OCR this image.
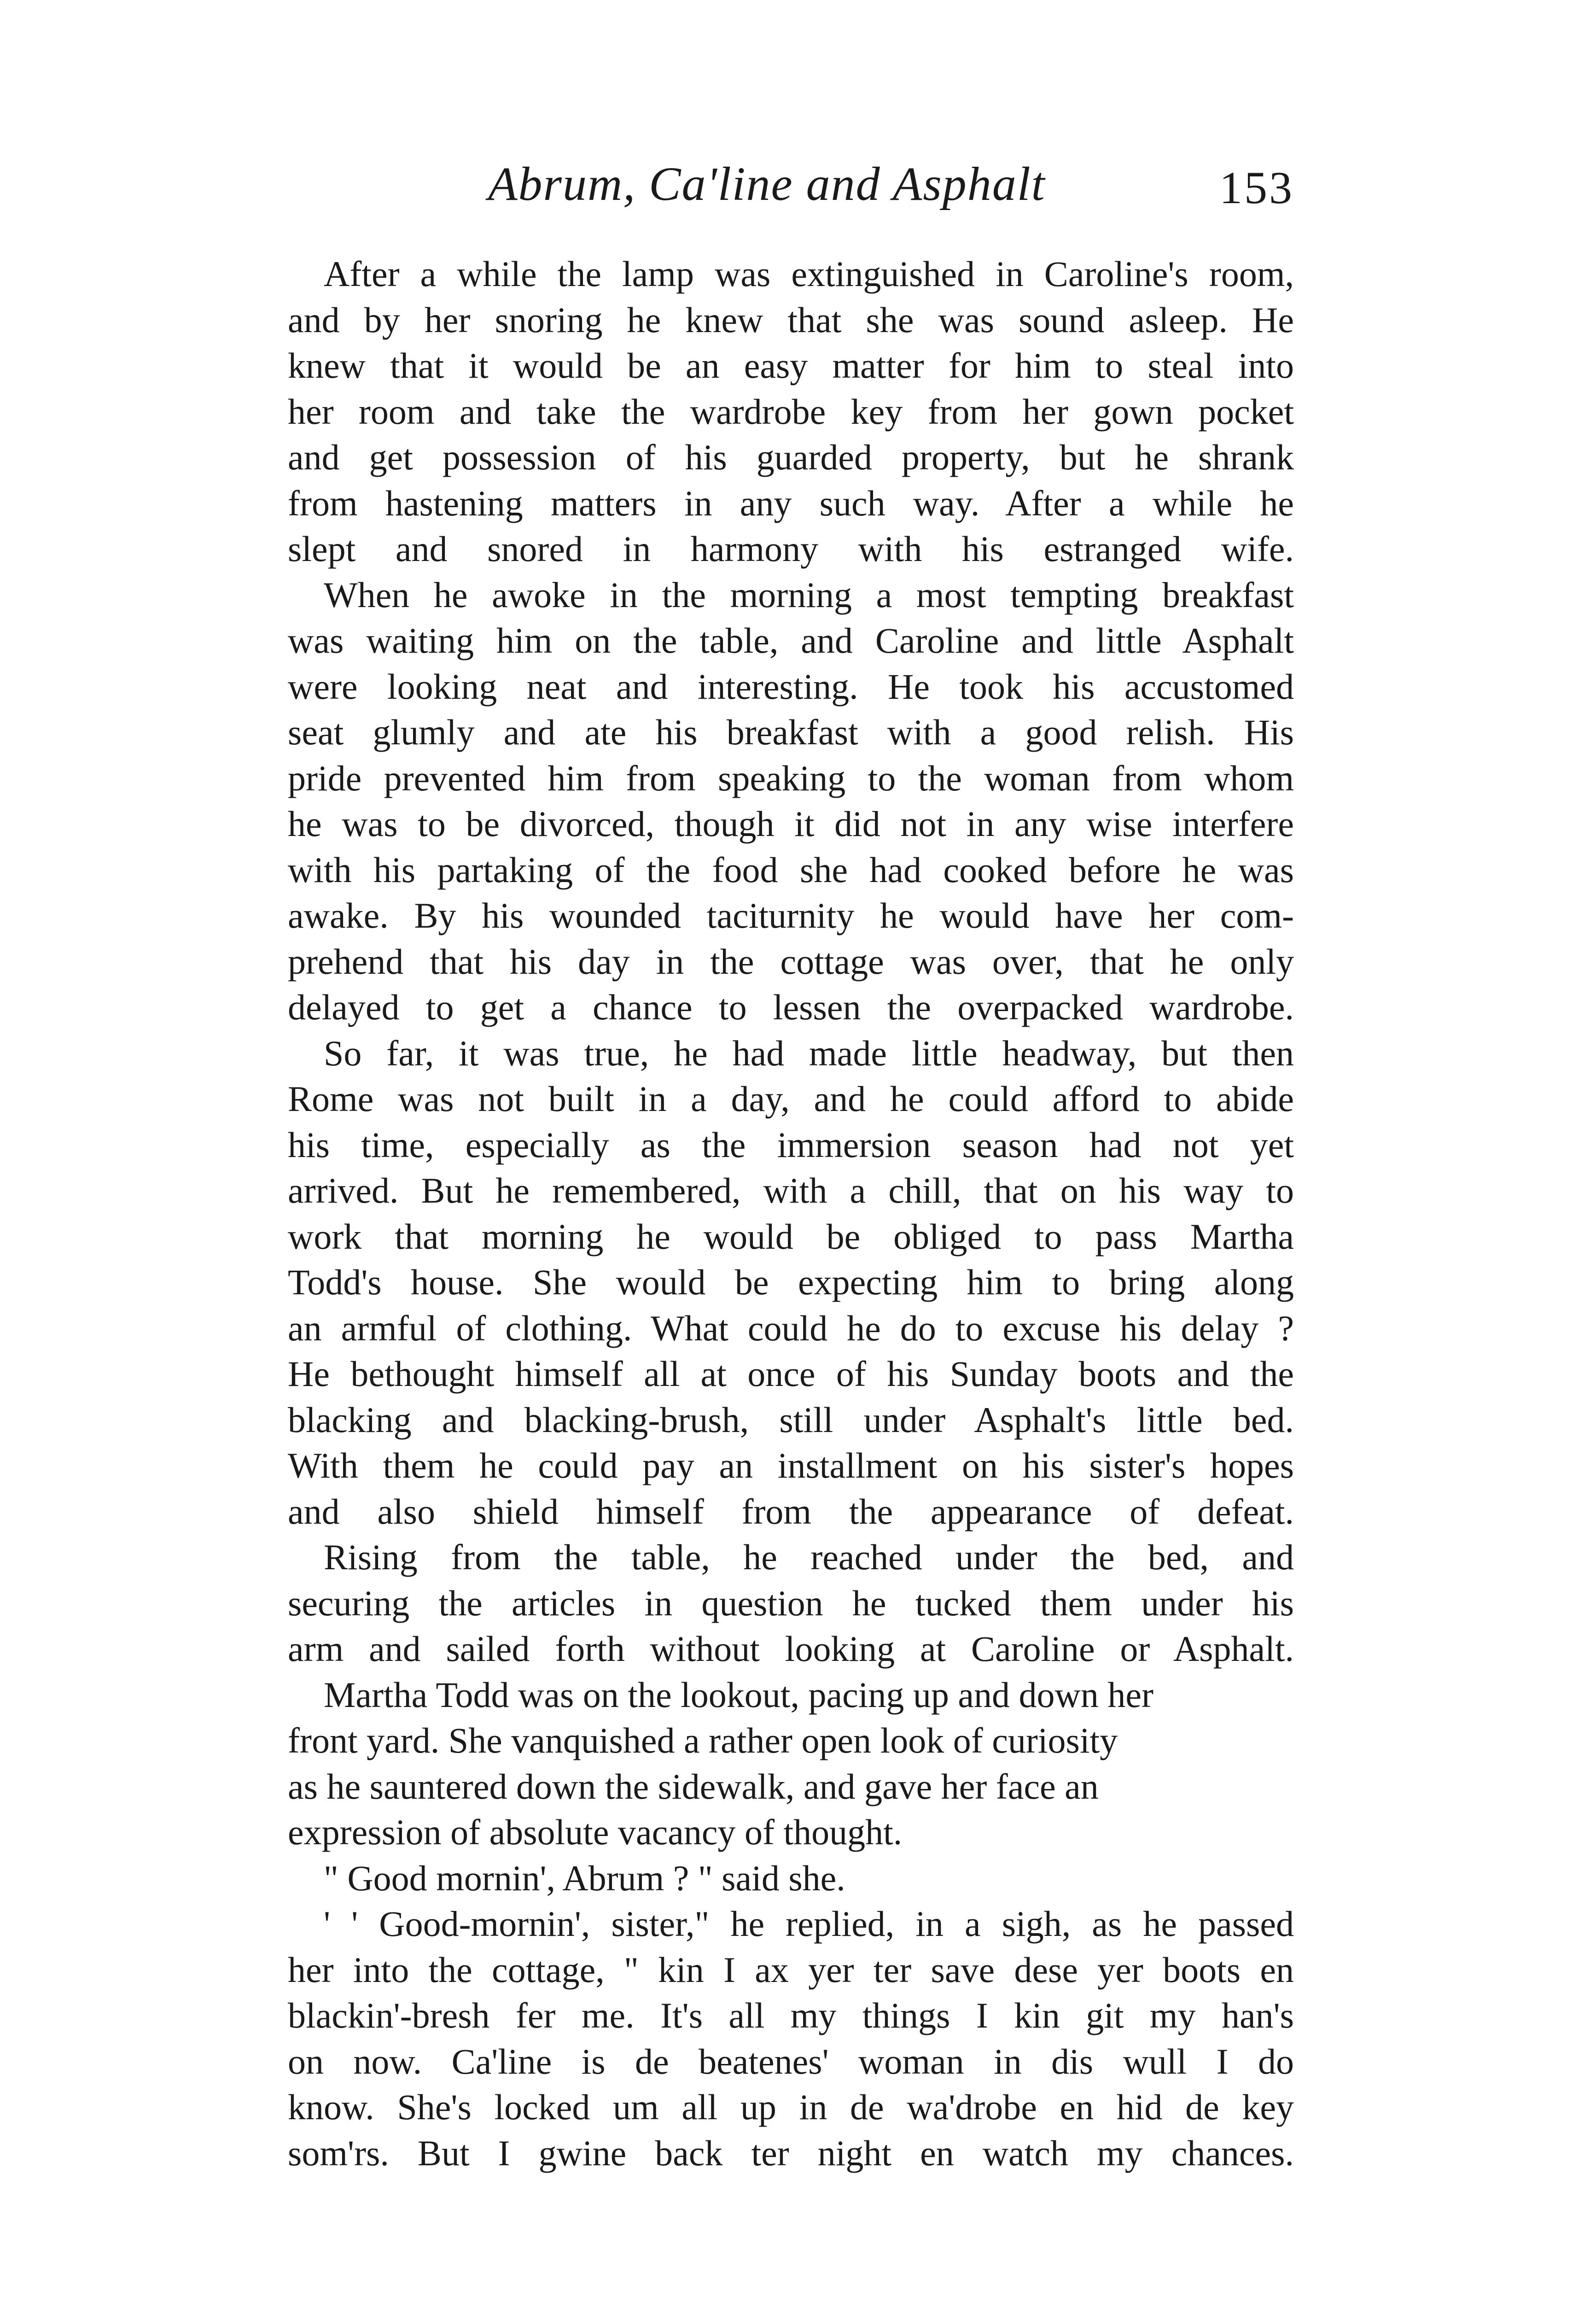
Abrum, Ca'line and Asphalt	153

After a while the lamp was extinguished in Caroline's room,
and by her snoring he knew that she was sound asleep. He
knew that it would be an easy matter for him to steal into
her room and take the wardrobe key from her gown pocket
and get possession of his guarded property, but he shrank
from hastening matters in any such way. After a while he
slept and snored in harmony with his estranged wife.

When he awoke in the morning a most tempting breakfast
was waiting him on the table, and Caroline and little Asphalt
were looking neat and interesting. He took his accustomed
seat glumly and ate his breakfast with a good relish. His
pride prevented him from speaking to the woman from whom
he was to be divorced, though it did not in any wise interfere
with his partaking of the food she had cooked before he was
awake. By his wounded taciturnity he would have her com-
prehend that his day in the cottage was over, that he only
delayed to get a chance to lessen the overpacked wardrobe.

So far, it was true, he had made little headway, but then
Rome was not built in a day, and he could afford to abide
his time, especially as the immersion season had not yet
arrived. But he remembered, with a chill, that on his way to
work that morning he would be obliged to pass Martha
Todd's house. She would be expecting him to bring along
an armful of clothing. What could he do to excuse his delay ?
He bethought himself all at once of his Sunday boots and the
blacking and blacking-brush, still under Asphalt's little bed.
With them he could pay an installment on his sister's hopes
and also shield himself from the appearance of defeat.

Rising from the table, he reached under the bed, and
securing the articles in question he tucked them under his
arm and sailed forth without looking at Caroline or Asphalt.

Martha Todd was on the lookout, pacing up and down her
front yard. She vanquished a rather open look of curiosity
as he sauntered down the sidewalk, and gave her face an
expression of absolute vacancy of thought.

" Good mornin', Abrum ? " said she.

' ' Good-mornin', sister," he replied, in a sigh, as he passed
her into the cottage, " kin I ax yer ter save dese yer boots en
blackin'-bresh fer me. It's all my things I kin git my han's
on now. Ca'line is de beatenes' woman in dis wull I do
know. She's locked um all up in de wa'drobe en hid de key
som'rs. But I gwine back ter night en watch my chances.
